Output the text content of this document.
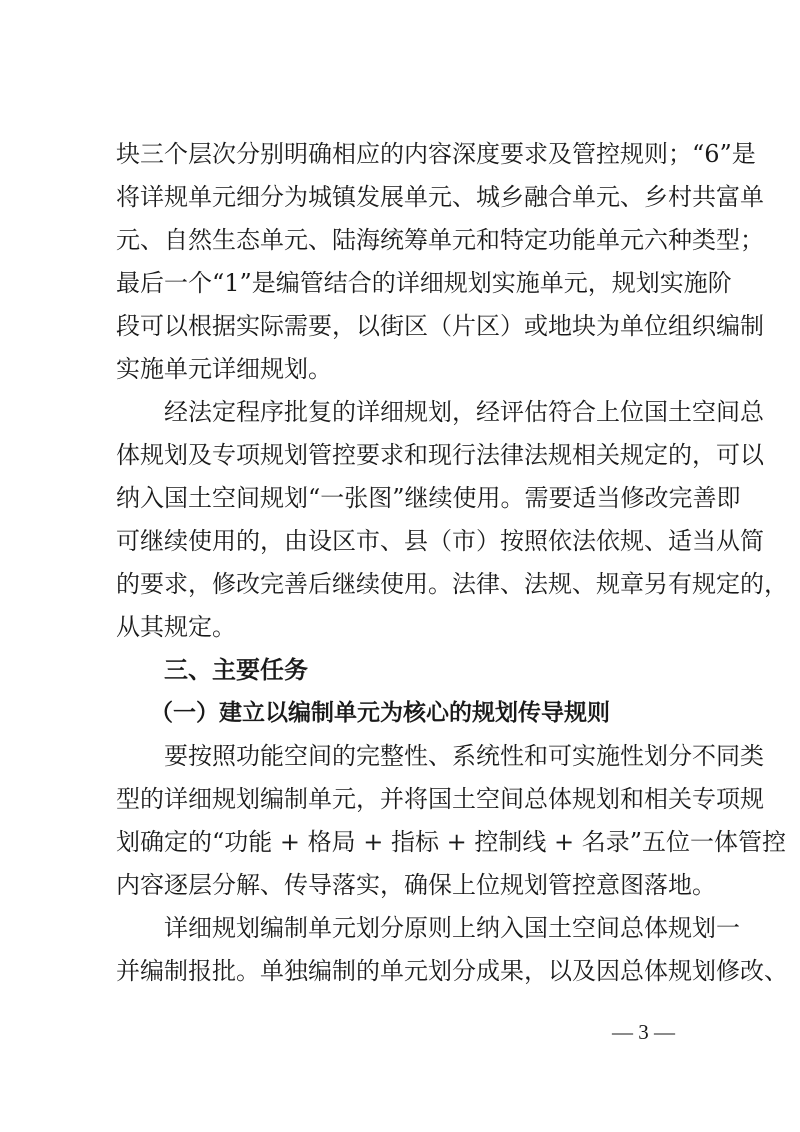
块三个层次分别明确相应的内容深度要求及管控规则；“6”是
将详规单元细分为城镇发展单元、城乡融合单元、乡村共富单
元、自然生态单元、陆海统筹单元和特定功能单元六种类型；
最后一个“1”是编管结合的详细规划实施单元，规划实施阶
段可以根据实际需要，以街区（片区）或地块为单位组织编制
实施单元详细规划。
经法定程序批复的详细规划，经评估符合上位国土空间总
体规划及专项规划管控要求和现行法律法规相关规定的，可以
纳入国土空间规划“一张图”继续使用。需要适当修改完善即
可继续使用的，由设区市、县（市）按照依法依规、适当从简
的要求，修改完善后继续使用。法律、法规、规章另有规定的，
从其规定。
三、主要任务
（一）建立以编制单元为核心的规划传导规则
要按照功能空间的完整性、系统性和可实施性划分不同类
型的详细规划编制单元，并将国土空间总体规划和相关专项规
划确定的“功能 + 格局 + 指标 + 控制线 + 名录”五位一体管控
内容逐层分解、传导落实，确保上位规划管控意图落地。
详细规划编制单元划分原则上纳入国土空间总体规划一
并编制报批。单独编制的单元划分成果，以及因总体规划修改、
— 3 —
